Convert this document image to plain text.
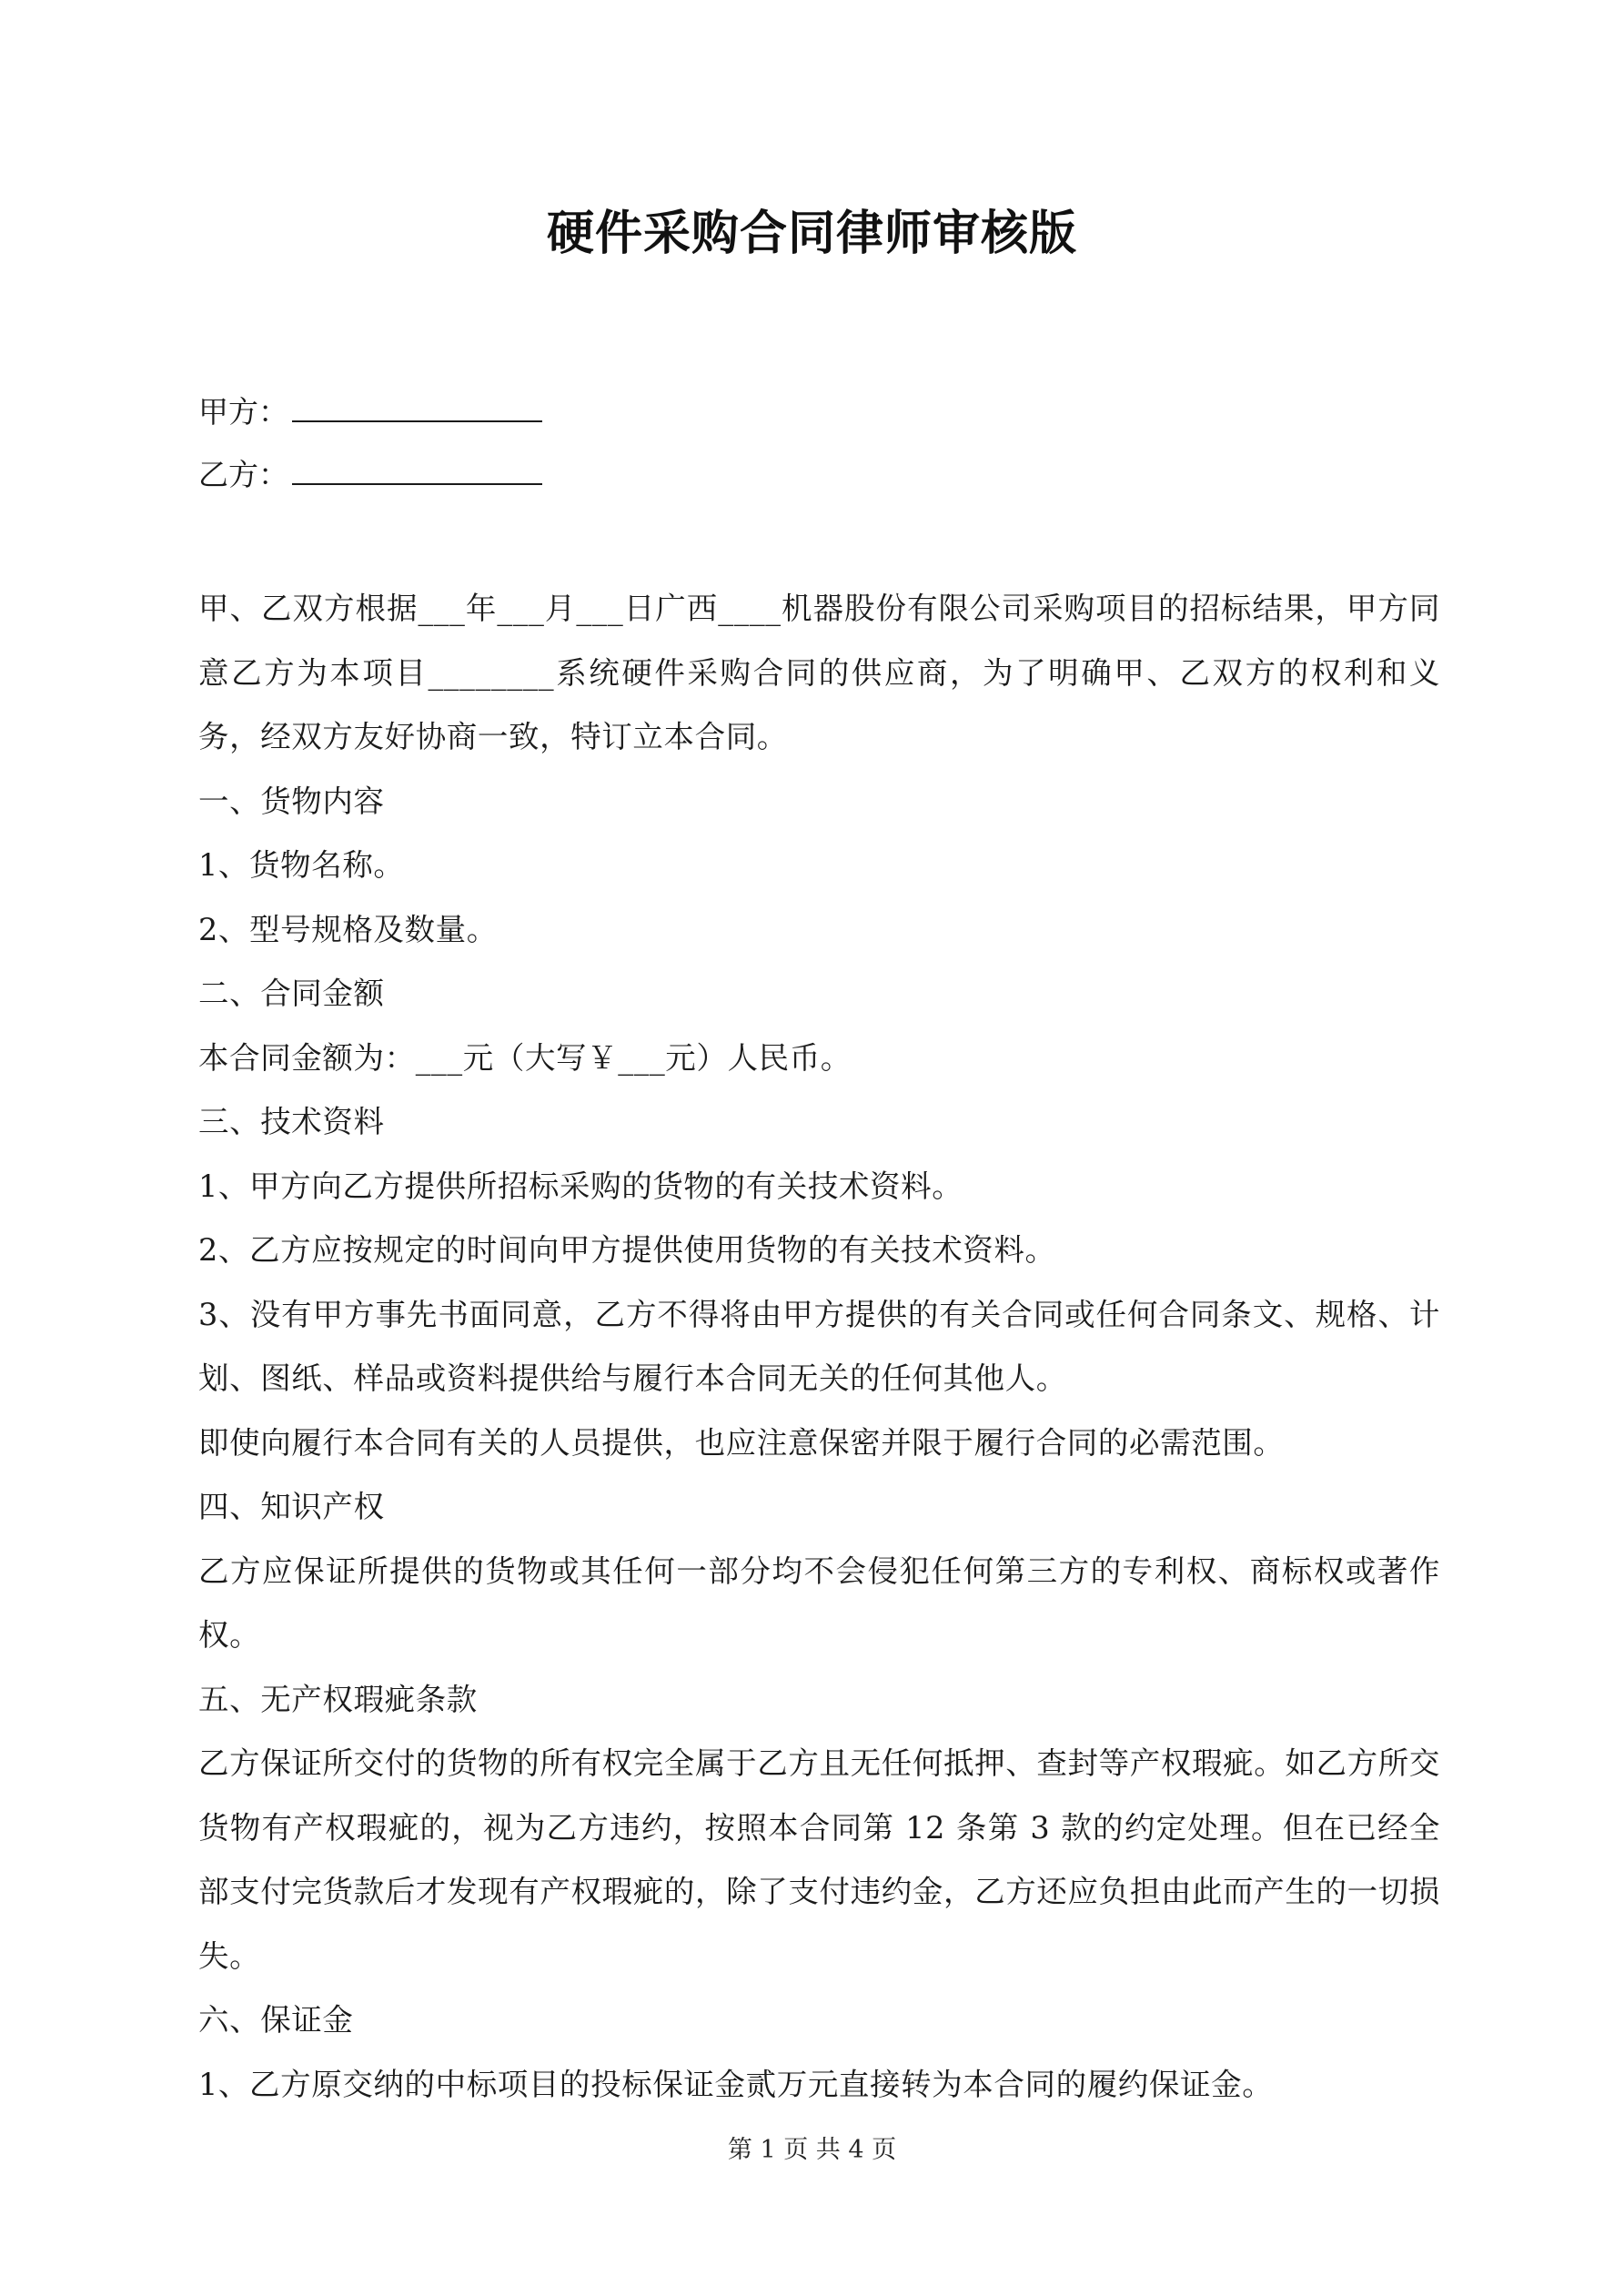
硬件采购合同律师审核版
甲方：
乙方：

甲、乙双方根据___年___月___日广西____机器股份有限公司采购项目的招标结果，甲方同意乙方为本项目________系统硬件采购合同的供应商，为了明确甲、乙双方的权利和义务，经双方友好协商一致，特订立本合同。

一、货物内容

1、货物名称。

2、型号规格及数量。

二、合同金额

本合同金额为：___元（大写￥___元）人民币。

三、技术资料

1、甲方向乙方提供所招标采购的货物的有关技术资料。

2、乙方应按规定的时间向甲方提供使用货物的有关技术资料。

3、没有甲方事先书面同意，乙方不得将由甲方提供的有关合同或任何合同条文、规格、计划、图纸、样品或资料提供给与履行本合同无关的任何其他人。

即使向履行本合同有关的人员提供，也应注意保密并限于履行合同的必需范围。

四、知识产权

乙方应保证所提供的货物或其任何一部分均不会侵犯任何第三方的专利权、商标权或著作权。

五、无产权瑕疵条款

乙方保证所交付的货物的所有权完全属于乙方且无任何抵押、查封等产权瑕疵。如乙方所交货物有产权瑕疵的，视为乙方违约，按照本合同第 12 条第 3 款的约定处理。但在已经全部支付完货款后才发现有产权瑕疵的，除了支付违约金，乙方还应负担由此而产生的一切损失。

六、保证金

1、乙方原交纳的中标项目的投标保证金贰万元直接转为本合同的履约保证金。

第 1 页 共 4 页
